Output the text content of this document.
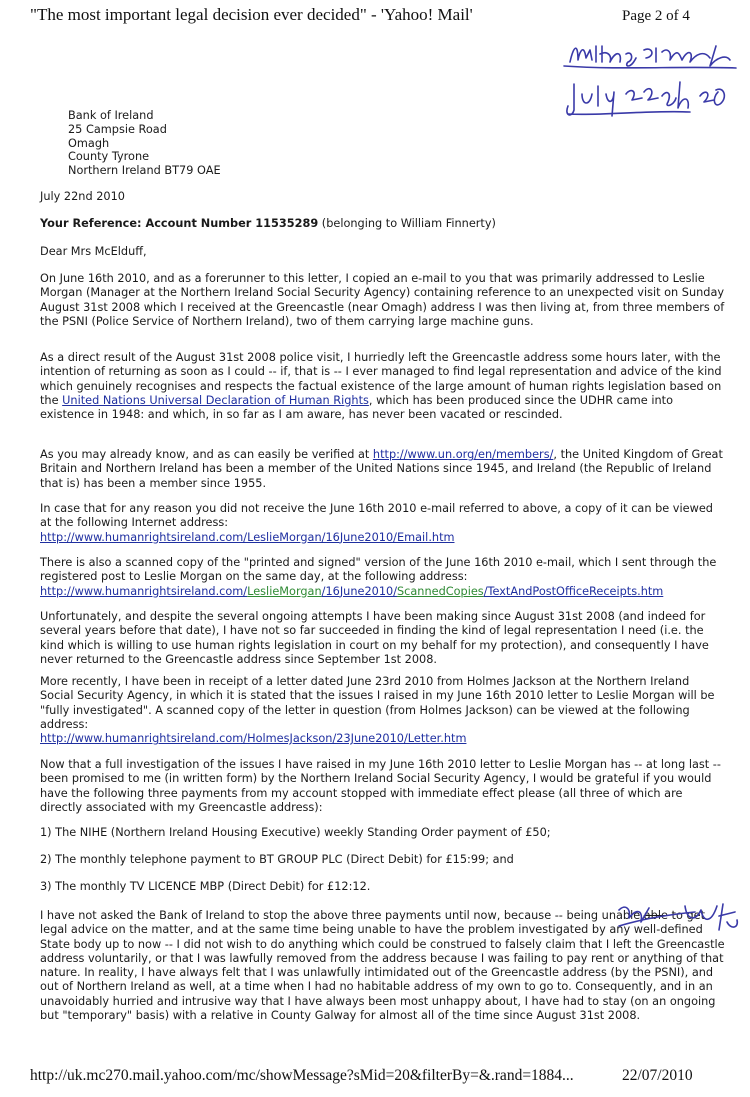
"The most important legal decision ever decided" - 'Yahoo! Mail'	Page 2 of 4
Bank of Ireland
25 Campsie Road
Omagh
County Tyrone
Northern Ireland BT79 OAE
July 22nd 2010
Your Reference: Account Number 11535289 (belonging to William Finnerty)
Dear Mrs McElduff,
On June 16th 2010, and as a forerunner to this letter, I copied an e-mail to you that was primarily addressed to Leslie Morgan (Manager at the Northern Ireland Social Security Agency) containing reference to an unexpected visit on Sunday August 31st 2008 which I received at the Greencastle (near Omagh) address I was then living at, from three members of the PSNI (Police Service of Northern Ireland), two of them carrying large machine guns.
As a direct result of the August 31st 2008 police visit, I hurriedly left the Greencastle address some hours later, with the intention of returning as soon as I could -- if, that is -- I ever managed to find legal representation and advice of the kind which genuinely recognises and respects the factual existence of the large amount of human rights legislation based on the United Nations Universal Declaration of Human Rights, which has been produced since the UDHR came into existence in 1948: and which, in so far as I am aware, has never been vacated or rescinded.
As you may already know, and as can easily be verified at http://www.un.org/en/members/, the United Kingdom of Great Britain and Northern Ireland has been a member of the United Nations since 1945, and Ireland (the Republic of Ireland that is) has been a member since 1955.
In case that for any reason you did not receive the June 16th 2010 e-mail referred to above, a copy of it can be viewed at the following Internet address:
http://www.humanrightsireland.com/LeslieMorgan/16June2010/Email.htm
There is also a scanned copy of the "printed and signed" version of the June 16th 2010 e-mail, which I sent through the registered post to Leslie Morgan on the same day, at the following address:
http://www.humanrightsireland.com/LeslieMorgan/16June2010/ScannedCopies/TextAndPostOfficeReceipts.htm
Unfortunately, and despite the several ongoing attempts I have been making since August 31st 2008 (and indeed for several years before that date), I have not so far succeeded in finding the kind of legal representation I need (i.e. the kind which is willing to use human rights legislation in court on my behalf for my protection), and consequently I have never returned to the Greencastle address since September 1st 2008.
More recently, I have been in receipt of a letter dated June 23rd 2010 from Holmes Jackson at the Northern Ireland Social Security Agency, in which it is stated that the issues I raised in my June 16th 2010 letter to Leslie Morgan will be "fully investigated". A scanned copy of the letter in question (from Holmes Jackson) can be viewed at the following address:
http://www.humanrightsireland.com/HolmesJackson/23June2010/Letter.htm
Now that a full investigation of the issues I have raised in my June 16th 2010 letter to Leslie Morgan has -- at long last -- been promised to me (in written form) by the Northern Ireland Social Security Agency, I would be grateful if you would have the following three payments from my account stopped with immediate effect please (all three of which are directly associated with my Greencastle address):
1) The NIHE (Northern Ireland Housing Executive) weekly Standing Order payment of £50;
2) The monthly telephone payment to BT GROUP PLC (Direct Debit) for £15:99; and
3) The monthly TV LICENCE MBP (Direct Debit) for £12:12.
I have not asked the Bank of Ireland to stop the above three payments until now, because -- being unable able to get legal advice on the matter, and at the same time being unable to have the problem investigated by any well-defined State body up to now -- I did not wish to do anything which could be construed to falsely claim that I left the Greencastle address voluntarily, or that I was lawfully removed from the address because I was failing to pay rent or anything of that nature. In reality, I have always felt that I was unlawfully intimidated out of the Greencastle address (by the PSNI), and out of Northern Ireland as well, at a time when I had no habitable address of my own to go to. Consequently, and in an unavoidably hurried and intrusive way that I have always been most unhappy about, I have had to stay (on an ongoing but "temporary" basis) with a relative in County Galway for almost all of the time since August 31st 2008.
http://uk.mc270.mail.yahoo.com/mc/showMessage?sMid=20&filterBy=&.rand=1884...	22/07/2010
